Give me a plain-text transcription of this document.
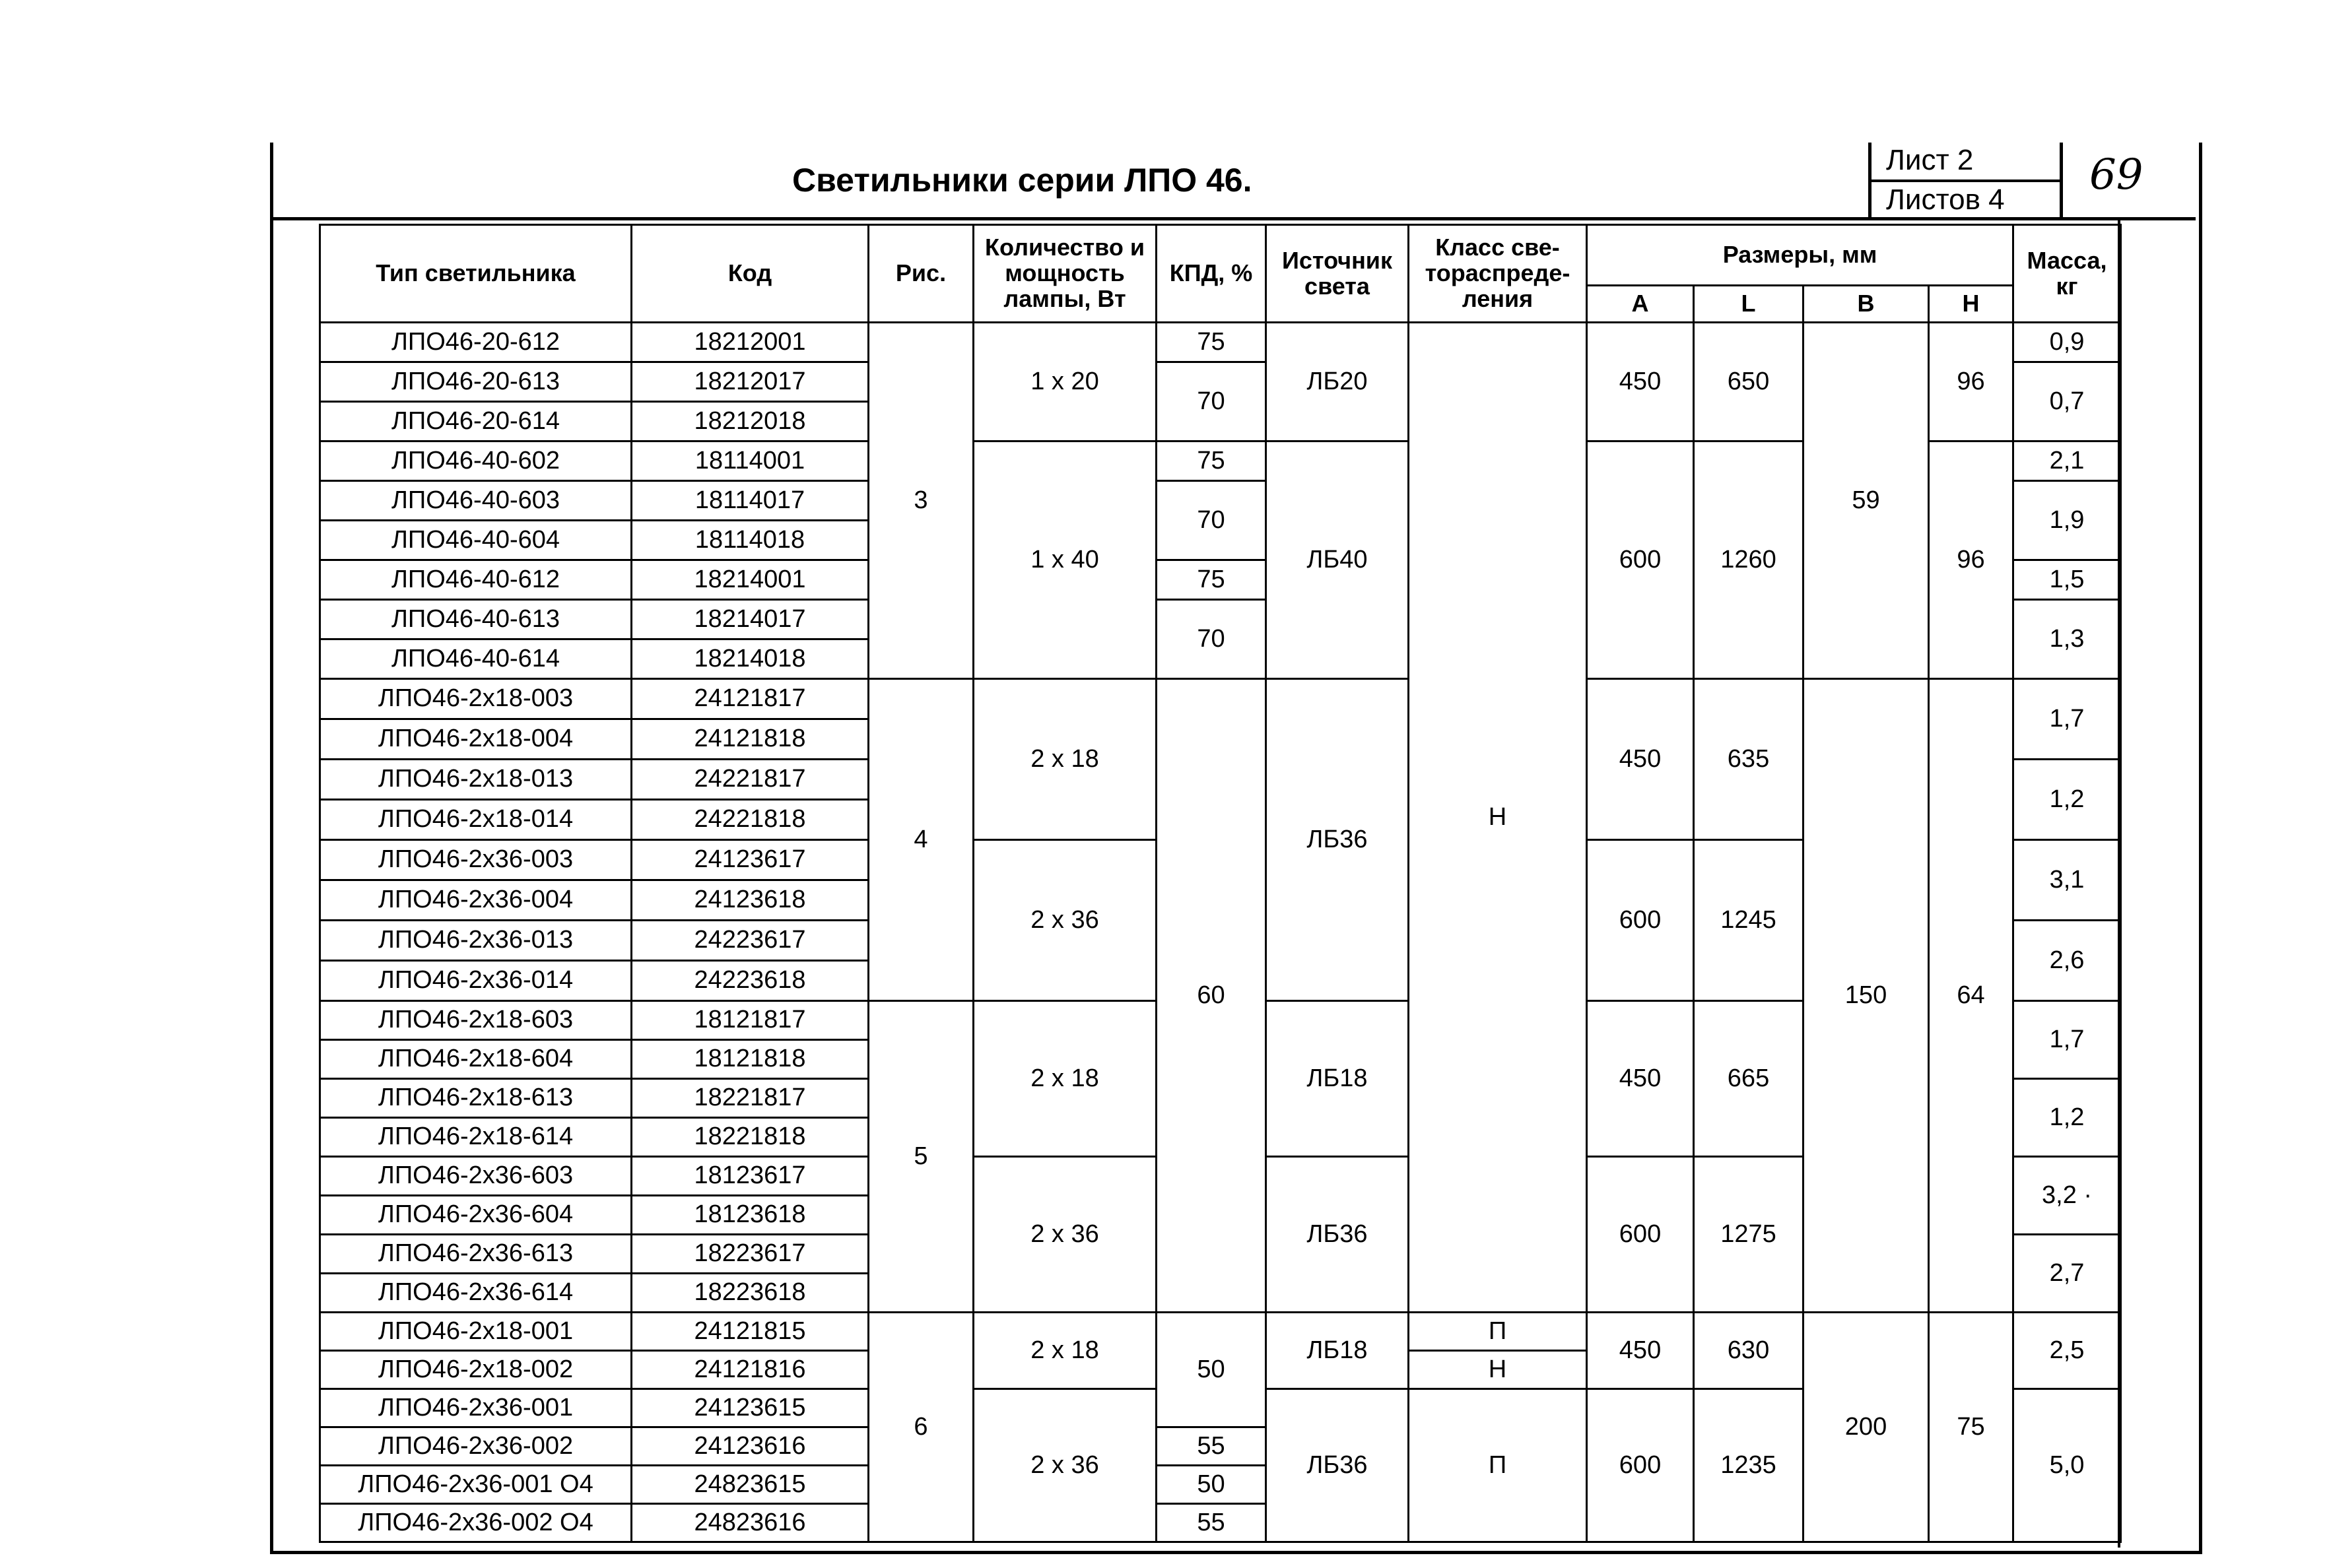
Светильники серии ЛПО 46.
Лист 2
Листов 4
69
Тип светильника	Код	Рис.	Количество и мощность лампы, Вт	КПД, %	Источник света	Класс све-тораспреде-ления	Размеры, мм				Масса, кг
							А	L	В	Н	
ЛПО46-20-612	18212001	3	1 х 20	75	ЛБ20	Н	450	650	59	96	0,9
ЛПО46-20-613	18212017			70							0,7
ЛПО46-20-614	18212018										
ЛПО46-40-602	18114001		1 х 40	75	ЛБ40		600	1260		96	2,1
ЛПО46-40-603	18114017			70							1,9
ЛПО46-40-604	18114018										
ЛПО46-40-612	18214001			75							1,5
ЛПО46-40-613	18214017			70							1,3
ЛПО46-40-614	18214018										
ЛПО46-2х18-003	24121817	4	2 х 18	60	ЛБ36		450	635	150	64	1,7
ЛПО46-2х18-004	24121818										
ЛПО46-2х18-013	24221817										1,2
ЛПО46-2х18-014	24221818										
ЛПО46-2х36-003	24123617		2 х 36				600	1245			3,1
ЛПО46-2х36-004	24123618										
ЛПО46-2х36-013	24223617										2,6
ЛПО46-2х36-014	24223618										
ЛПО46-2х18-603	18121817	5	2 х 18		ЛБ18		450	665			1,7
ЛПО46-2х18-604	18121818										
ЛПО46-2х18-613	18221817										1,2
ЛПО46-2х18-614	18221818										
ЛПО46-2х36-603	18123617		2 х 36		ЛБ36		600	1275			3,2 ·
ЛПО46-2х36-604	18123618										
ЛПО46-2х36-613	18223617										2,7
ЛПО46-2х36-614	18223618										
ЛПО46-2х18-001	24121815	6	2 х 18	50	ЛБ18	П	450	630	200	75	2,5
ЛПО46-2х18-002	24121816					Н					
ЛПО46-2х36-001	24123615		2 х 36		ЛБ36	П	600	1235			5,0
ЛПО46-2х36-002	24123616			55							
ЛПО46-2х36-001 О4	24823615			50							
ЛПО46-2х36-002 О4	24823616			55							
